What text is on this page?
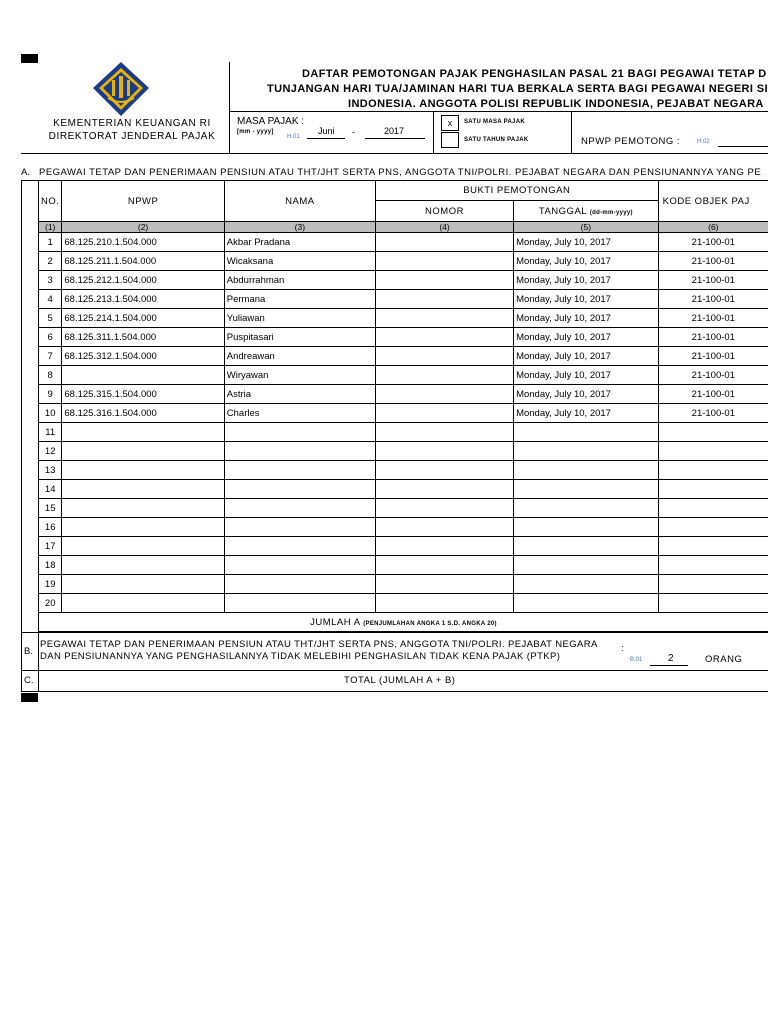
KEMENTERIAN KEUANGAN RI
DIREKTORAT JENDERAL PAJAK
DAFTAR PEMOTONGAN PAJAK PENGHASILAN PASAL 21 BAGI PEGAWAI TETAP D
TUNJANGAN HARI TUA/JAMINAN HARI TUA BERKALA SERTA BAGI PEGAWAI NEGERI SI
INDONESIA. ANGGOTA POLISI REPUBLIK INDONESIA, PEJABAT NEGARA
MASA PAJAK :
[mm - yyyy]
H.01
Juni -	2017
x	SATU MASA PAJAK
SATU TAHUN PAJAK	NPWP PEMOTONG :	H.02
A. PEGAWAI TETAP DAN PENERIMAAN PENSIUN ATAU THT/JHT SERTA PNS, ANGGOTA TNI/POLRI. PEJABAT NEGARA DAN PENSIUNANNYA YANG PE
NO.	NPWP	NAMA	BUKTI PEMOTONGAN		KODE OBJEK PAJ
			NOMOR	TANGGAL (dd-mm-yyyy)	
(1)	(2)	(3)	(4)	(5)	(6)
1	68.125.210.1.504.000	Akbar Pradana		Monday, July 10, 2017	21-100-01
2	68.125.211.1.504.000	Wicaksana		Monday, July 10, 2017	21-100-01
3	68.125.212.1.504.000	Abdurrahman		Monday, July 10, 2017	21-100-01
4	68.125.213.1.504.000	Permana		Monday, July 10, 2017	21-100-01
5	68.125.214.1.504.000	Yuliawan		Monday, July 10, 2017	21-100-01
6	68.125.311.1.504.000	Puspitasari		Monday, July 10, 2017	21-100-01
7	68.125.312.1.504.000	Andreawan		Monday, July 10, 2017	21-100-01
8		Wiryawan		Monday, July 10, 2017	21-100-01
9	68.125.315.1.504.000	Astria		Monday, July 10, 2017	21-100-01
10	68.125.316.1.504.000	Charles		Monday, July 10, 2017	21-100-01
11					
12					
13					
14					
15					
16					
17					
18					
19					
20					
JUMLAH A (PENJUMLAHAN ANGKA 1 S.D. ANGKA 20)					
B.
PEGAWAI TETAP DAN PENERIMAAN PENSIUN ATAU THT/JHT SERTA PNS, ANGGOTA TNI/POLRI. PEJABAT NEGARA
DAN PENSIUNANNYA YANG PENGHASILANNYA TIDAK MELEBIHI PENGHASILAN TIDAK KENA PAJAK (PTKP)
:
B.01	2	ORANG
C.	TOTAL (JUMLAH A + B)
